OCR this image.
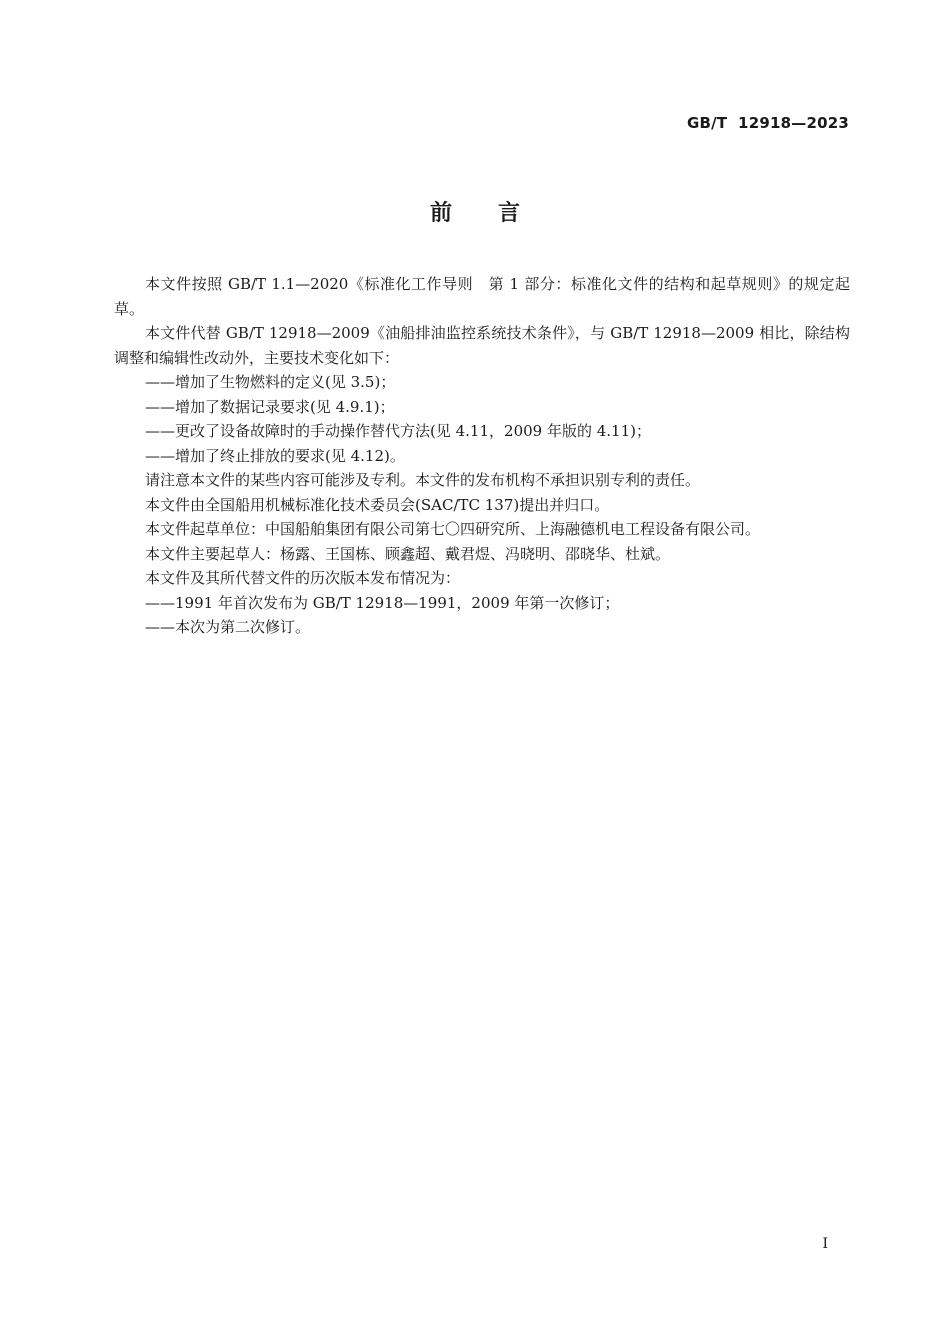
GB/T  12918—2023
前言

本文件按照 GB/T 1.1—2020《标准化工作导则　第 1 部分：标准化文件的结构和起草规则》的规定起草。

本文件代替 GB/T 12918—2009《油船排油监控系统技术条件》，与 GB/T 12918—2009 相比，除结构调整和编辑性改动外，主要技术变化如下：

——增加了生物燃料的定义(见 3.5)；

——增加了数据记录要求(见 4.9.1)；

——更改了设备故障时的手动操作替代方法(见 4.11，2009 年版的 4.11)；

——增加了终止排放的要求(见 4.12)。

请注意本文件的某些内容可能涉及专利。本文件的发布机构不承担识别专利的责任。

本文件由全国船用机械标准化技术委员会(SAC/TC 137)提出并归口。

本文件起草单位：中国船舶集团有限公司第七〇四研究所、上海融德机电工程设备有限公司。

本文件主要起草人：杨露、王国栋、顾鑫超、戴君煜、冯晓明、邵晓华、杜斌。

本文件及其所代替文件的历次版本发布情况为：

——1991 年首次发布为 GB/T 12918—1991，2009 年第一次修订；

——本次为第二次修订。

I
